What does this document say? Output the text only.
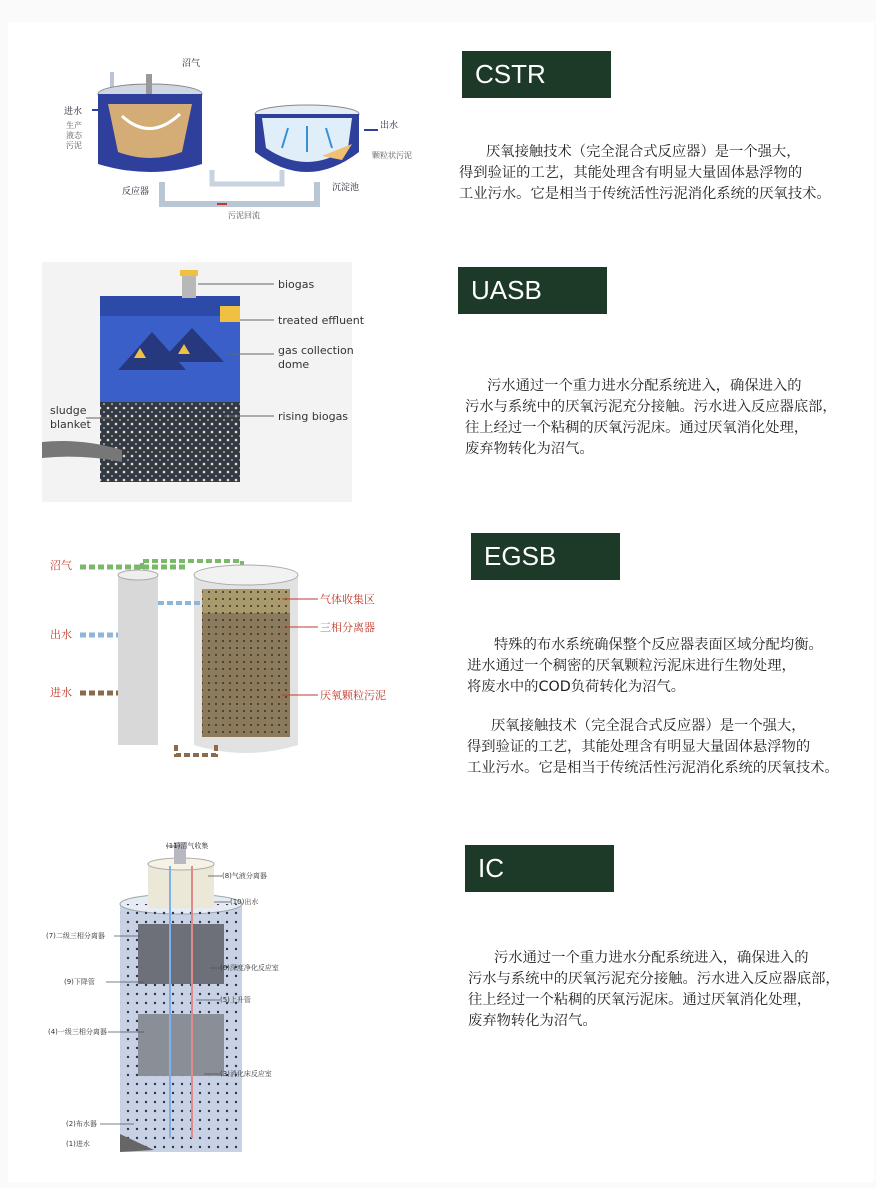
CSTR
厌氧接触技术（完全混合式反应器）是一个强大，
得到验证的工艺，其能处理含有明显大量固体悬浮物的
工业污水。它是相当于传统活性污泥消化系统的厌氧技术。
沼气
进水
生产
液态
污泥
出水
颗粒状污泥
反应器	沉淀池
污泥回流
UASB
污水通过一个重力进水分配系统进入，确保进入的
污水与系统中的厌氧污泥充分接触。污水进入反应器底部，
往上经过一个粘稠的厌氧污泥床。通过厌氧消化处理，
废弃物转化为沼气。
biogas
treated effluent
gas collection
dome
rising biogas
sludge
blanket
EGSB
特殊的布水系统确保整个反应器表面区域分配均衡。
进水通过一个稠密的厌氧颗粒污泥床进行生物处理，
将废水中的COD负荷转化为沼气。
厌氧接触技术（完全混合式反应器）是一个强大，
得到验证的工艺，其能处理含有明显大量固体悬浮物的
工业污水。它是相当于传统活性污泥消化系统的厌氧技术。
沼气
出水
进水
气体收集区
三相分离器
厌氧颗粒污泥
IC
污水通过一个重力进水分配系统进入，确保进入的
污水与系统中的厌氧污泥充分接触。污水进入反应器底部，
往上经过一个粘稠的厌氧污泥床。通过厌氧消化处理，
废弃物转化为沼气。
(11)沼气收集
(8)气液分离器
(10)出水
(7)二级三相分离器
(6)深度净化反应室
(9)下降管
(5)上升管
(4)一级三相分离器
(3)消化床反应室
(2)布水器
(1)进水
